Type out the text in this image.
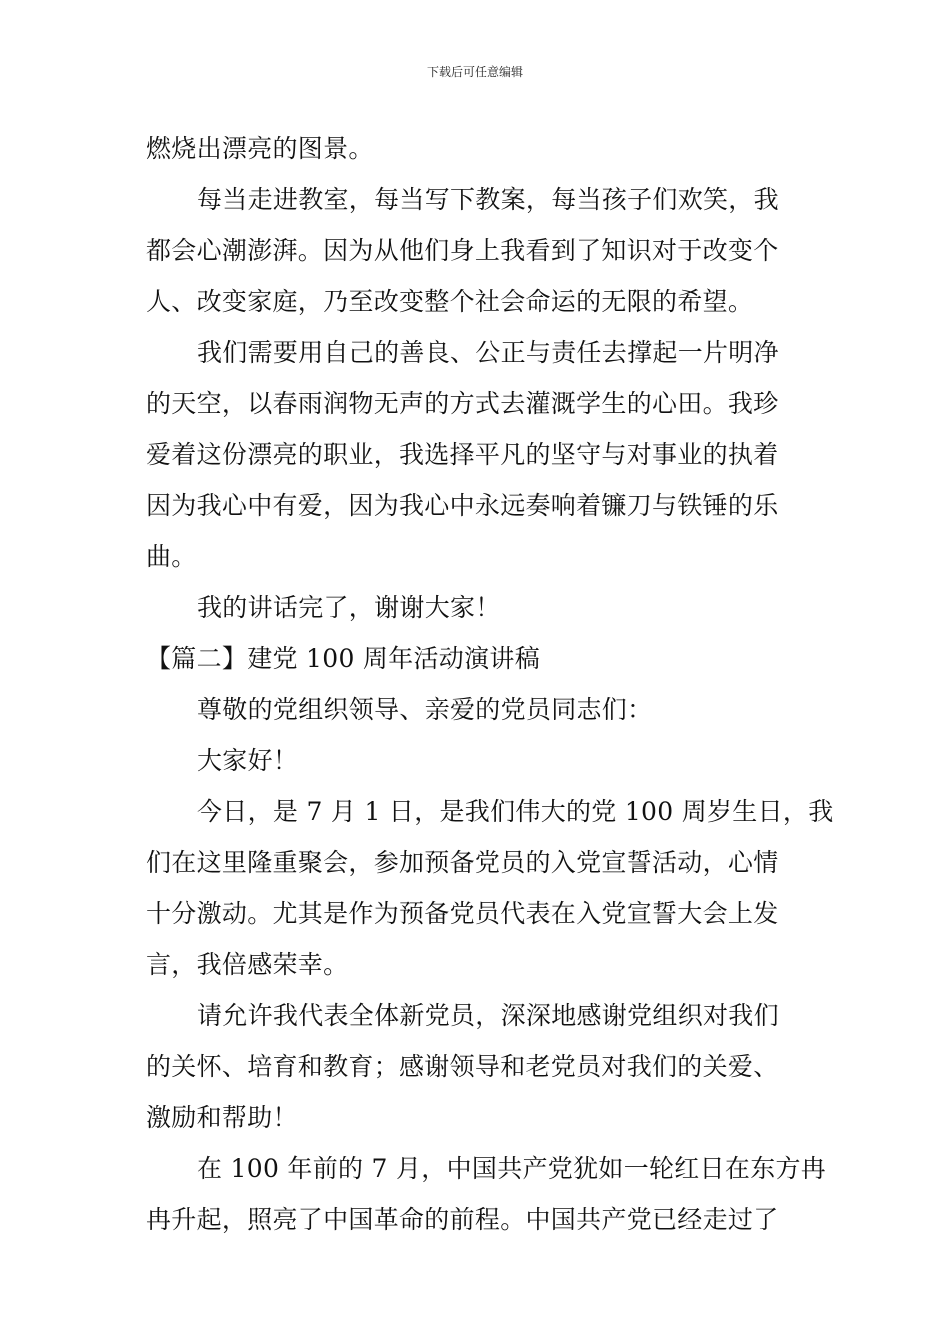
下载后可任意编辑
燃烧出漂亮的图景。
每当走进教室，每当写下教案，每当孩子们欢笑，我
都会心潮澎湃。因为从他们身上我看到了知识对于改变个
人、改变家庭，乃至改变整个社会命运的无限的希望。
我们需要用自己的善良、公正与责任去撑起一片明净
的天空，以春雨润物无声的方式去灌溉学生的心田。我珍
爱着这份漂亮的职业，我选择平凡的坚守与对事业的执着
因为我心中有爱，因为我心中永远奏响着镰刀与铁锤的乐
曲。
我的讲话完了，谢谢大家！
【篇二】建党 100 周年活动演讲稿
尊敬的党组织领导、亲爱的党员同志们：
大家好！
今日，是 7 月 1 日，是我们伟大的党 100 周岁生日，我
们在这里隆重聚会，参加预备党员的入党宣誓活动，心情
十分激动。尤其是作为预备党员代表在入党宣誓大会上发
言，我倍感荣幸。
请允许我代表全体新党员，深深地感谢党组织对我们
的关怀、培育和教育；感谢领导和老党员对我们的关爱、
激励和帮助！
在 100 年前的 7 月，中国共产党犹如一轮红日在东方冉
冉升起，照亮了中国革命的前程。中国共产党已经走过了
